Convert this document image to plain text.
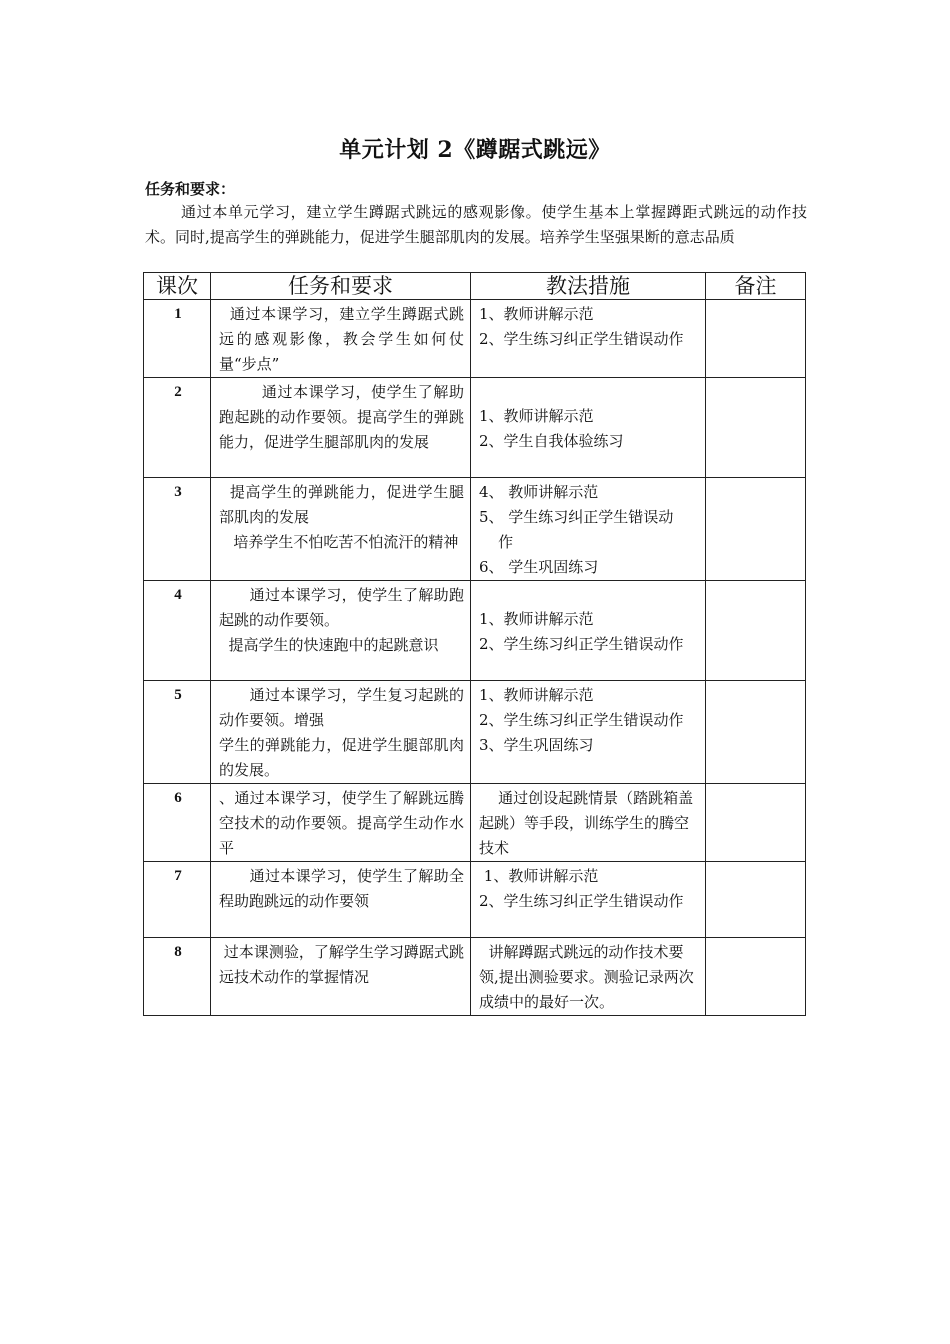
单元计划 2《蹲踞式跳远》
任务和要求：
通过本单元学习，建立学生蹲踞式跳远的感观影像。使学生基本上掌握蹲距式跳远的动作技术。同时,提高学生的弹跳能力，促进学生腿部肌肉的发展。培养学生坚强果断的意志品质
课次	任务和要求	教法措施	备注
1	通过本课学习，建立学生蹲踞式跳远的感观影像，教会学生如何仗量“步点”	1、教师讲解示范
2、学生练习纠正学生错误动作	

2	通过本课学习，使学生了解助跑起跳的动作要领。提高学生的弹跳能力，促进学生腿部肌肉的发展	1、教师讲解示范
2、学生自我体验练习	

3	提高学生的弹跳能力，促进学生腿部肌肉的发展
培养学生不怕吃苦不怕流汗的精神	4、 教师讲解示范
5、 学生练习纠正学生错误动
作
6、 学生巩固练习	

4	通过本课学习，使学生了解助跑起跳的动作要领。
提高学生的快速跑中的起跳意识	1、教师讲解示范
2、学生练习纠正学生错误动作	

5	通过本课学习，学生复习起跳的动作要领。增强
学生的弹跳能力，促进学生腿部肌肉的发展。	1、教师讲解示范
2、学生练习纠正学生错误动作
3、学生巩固练习	

6	、通过本课学习，使学生了解跳远腾空技术的动作要领。提高学生动作水平	通过创设起跳情景（踏跳箱盖起跳）等手段，训练学生的腾空技术	

7	通过本课学习，使学生了解助全程助跑跳远的动作要领	1、教师讲解示范
2、学生练习纠正学生错误动作	

8	过本课测验，了解学生学习蹲踞式跳远技术动作的掌握情况	讲解蹲踞式跳远的动作技术要领,提出测验要求。测验记录两次成绩中的最好一次。	
